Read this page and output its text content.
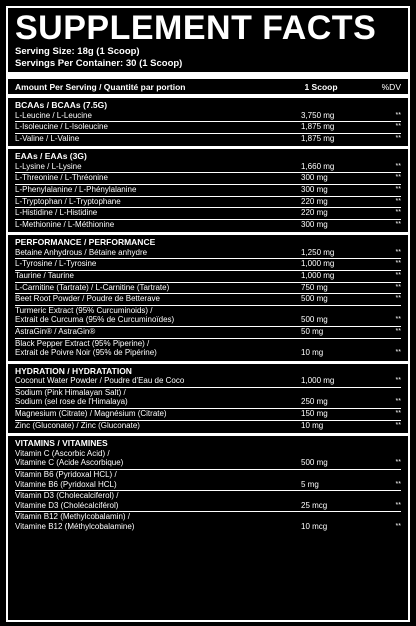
SUPPLEMENT FACTS
Serving Size: 18g (1 Scoop)
Servings Per Container: 30 (1 Scoop)
Amount Per Serving / Quantité par portion	1 Scoop	%DV
BCAAs / BCAAs (7.5G)
L-Leucine / L-Leucine	3,750 mg	**
L-Isoleucine / L-Isoleucine	1,875 mg	**
L-Valine / L-Valine	1,875 mg	**
EAAs / EAAs (3G)
L-Lysine / L-Lysine	1,660 mg	**
L-Threonine / L-Thréonine	300 mg	**
L-Phenylalanine / L-Phénylalanine	300 mg	**
L-Tryptophan / L-Tryptophane	220 mg	**
L-Histidine / L-Histidine	220 mg	**
L-Methionine / L-Méthionine	300 mg	**
PERFORMANCE / PERFORMANCE
Betaine Anhydrous / Bétaine anhydre	1,250 mg	**
L-Tyrosine / L-Tyrosine	1,000 mg	**
Taurine / Taurine	1,000 mg	**
L-Carnitine (Tartrate) / L-Carnitine (Tartrate)	750 mg	**
Beet Root Powder / Poudre de Betterave	500 mg	**
Turmeric Extract (95% Curcuminoids) /
Extrait de Curcuma (95% de Curcuminoïdes)	500 mg	**
AstraGin® / AstraGin®	50 mg	**
Black Pepper Extract (95% Piperine) /
Extrait de Poivre Noir (95% de Pipérine)	10 mg	**
HYDRATION / HYDRATATION
Coconut Water Powder / Poudre d'Eau de Coco	1,000 mg	**
Sodium (Pink Himalayan Salt) /
Sodium (sel rose de l'Himalaya)	250 mg	**
Magnesium (Citrate) / Magnésium (Citrate)	150 mg	**
Zinc (Gluconate) / Zinc (Gluconate)	10 mg	**
VITAMINS / VITAMINES
Vitamin C (Ascorbic Acid) /
Vitamine C (Acide Ascorbique)	500 mg	**
Vitamin B6 (Pyridoxal HCL) /
Vitamine B6 (Pyridoxal HCL)	5 mg	**
Vitamin D3 (Cholecalciferol) /
Vitamine D3 (Cholécalciférol)	25 mcg	**
Vitamin B12 (Methylcobalamin) /
Vitamine B12 (Méthylcobalamine)	10 mcg	**
